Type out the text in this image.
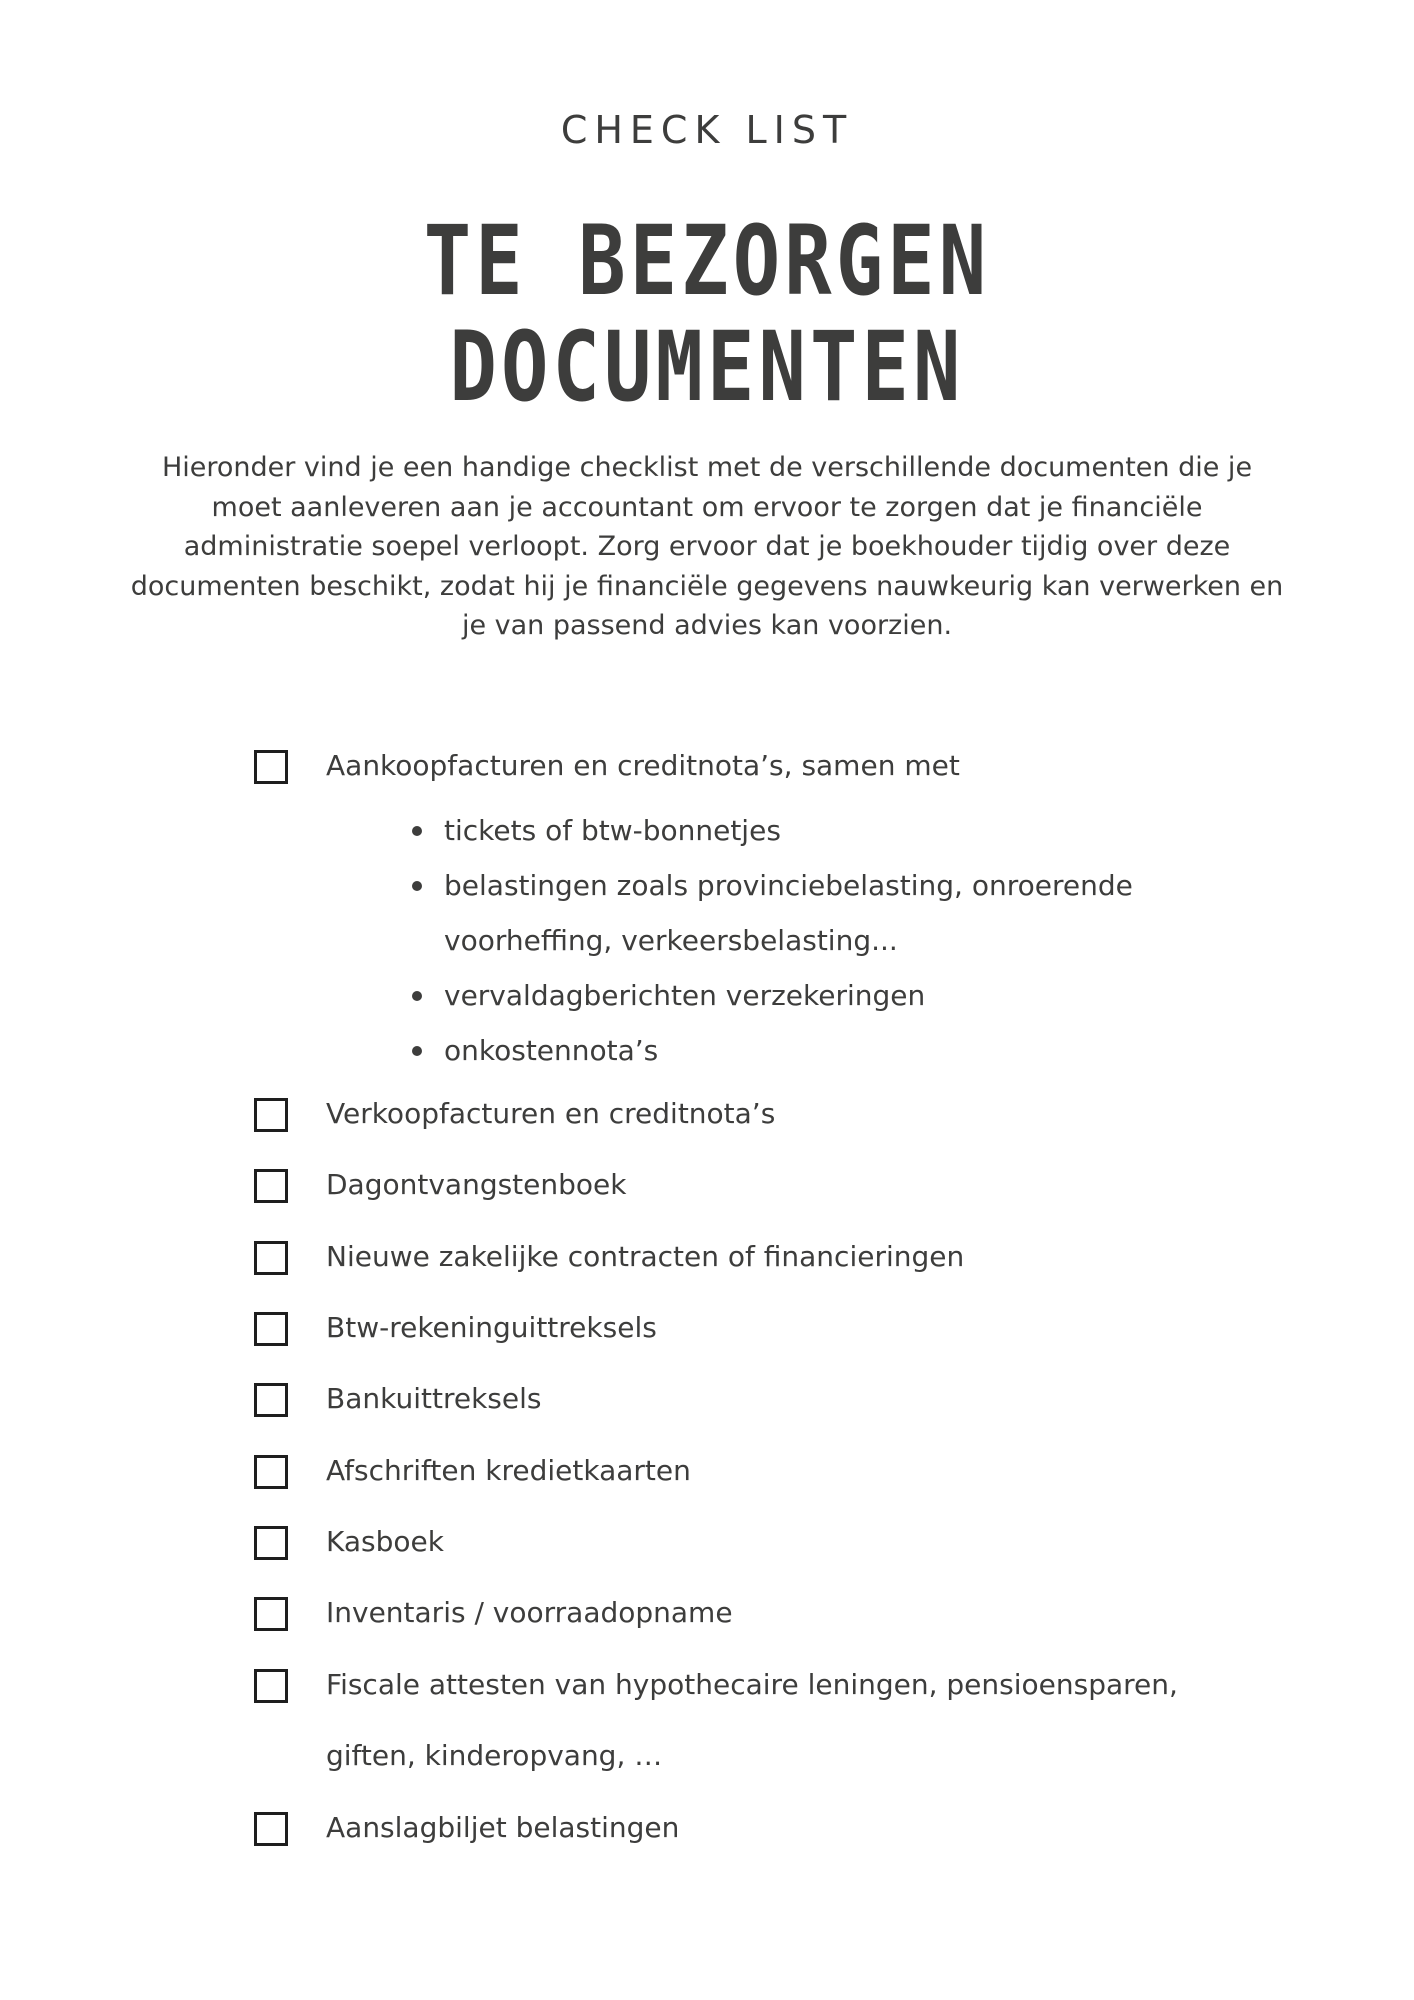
CHECK LIST
TE BEZORGEN
DOCUMENTEN

Hieronder vind je een handige checklist met de verschillende documenten die je moet aanleveren aan je accountant om ervoor te zorgen dat je financiële administratie soepel verloopt. Zorg ervoor dat je boekhouder tijdig over deze documenten beschikt, zodat hij je financiële gegevens nauwkeurig kan verwerken en je van passend advies kan voorzien.

Aankoopfacturen en creditnota’s, samen met
tickets of btw-bonnetjes
belastingen zoals provinciebelasting, onroerende voorheffing, verkeersbelasting...
vervaldagberichten verzekeringen
onkostennota’s
Verkoopfacturen en creditnota’s
Dagontvangstenboek
Nieuwe zakelijke contracten of financieringen
Btw-rekeninguittreksels
Bankuittreksels
Afschriften kredietkaarten
Kasboek
Inventaris / voorraadopname
Fiscale attesten van hypothecaire leningen, pensioensparen, giften, kinderopvang, …
Aanslagbiljet belastingen
